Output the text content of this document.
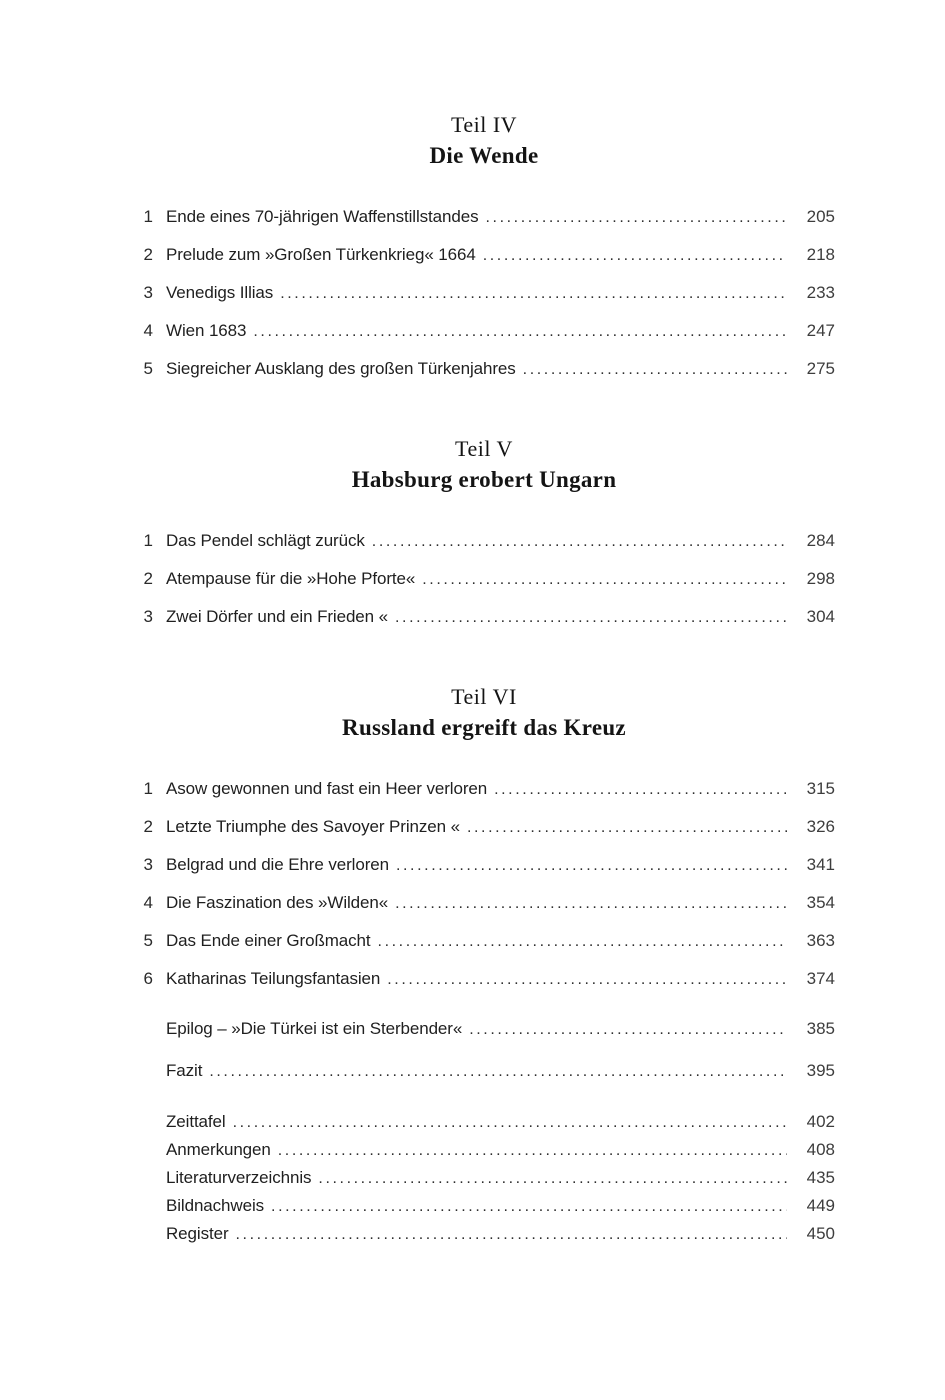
Teil IV
Die Wende
1 Ende eines 70-jährigen Waffenstillstandes .....	205
2 Prelude zum »Großen Türkenkrieg« 1664 .....	218
3 Venedigs Illias .....	233
4 Wien 1683 .....	247
5 Siegreicher Ausklang des großen Türkenjahres .....	275
Teil V
Habsburg erobert Ungarn
1 Das Pendel schlägt zurück .....	284
2 Atempause für die »Hohe Pforte« .....	298
3 Zwei Dörfer und ein Frieden « .....	304
Teil VI
Russland ergreift das Kreuz
1 Asow gewonnen und fast ein Heer verloren .....	315
2 Letzte Triumphe des Savoyer Prinzen « .....	326
3 Belgrad und die Ehre verloren .....	341
4 Die Faszination des »Wilden« .....	354
5 Das Ende einer Großmacht .....	363
6 Katharinas Teilungsfantasien .....	374
Epilog – »Die Türkei ist ein Sterbender« .....	385
Fazit .....	395
Zeittafel .....	402
Anmerkungen .....	408
Literaturverzeichnis .....	435
Bildnachweis .....	449
Register .....	450
